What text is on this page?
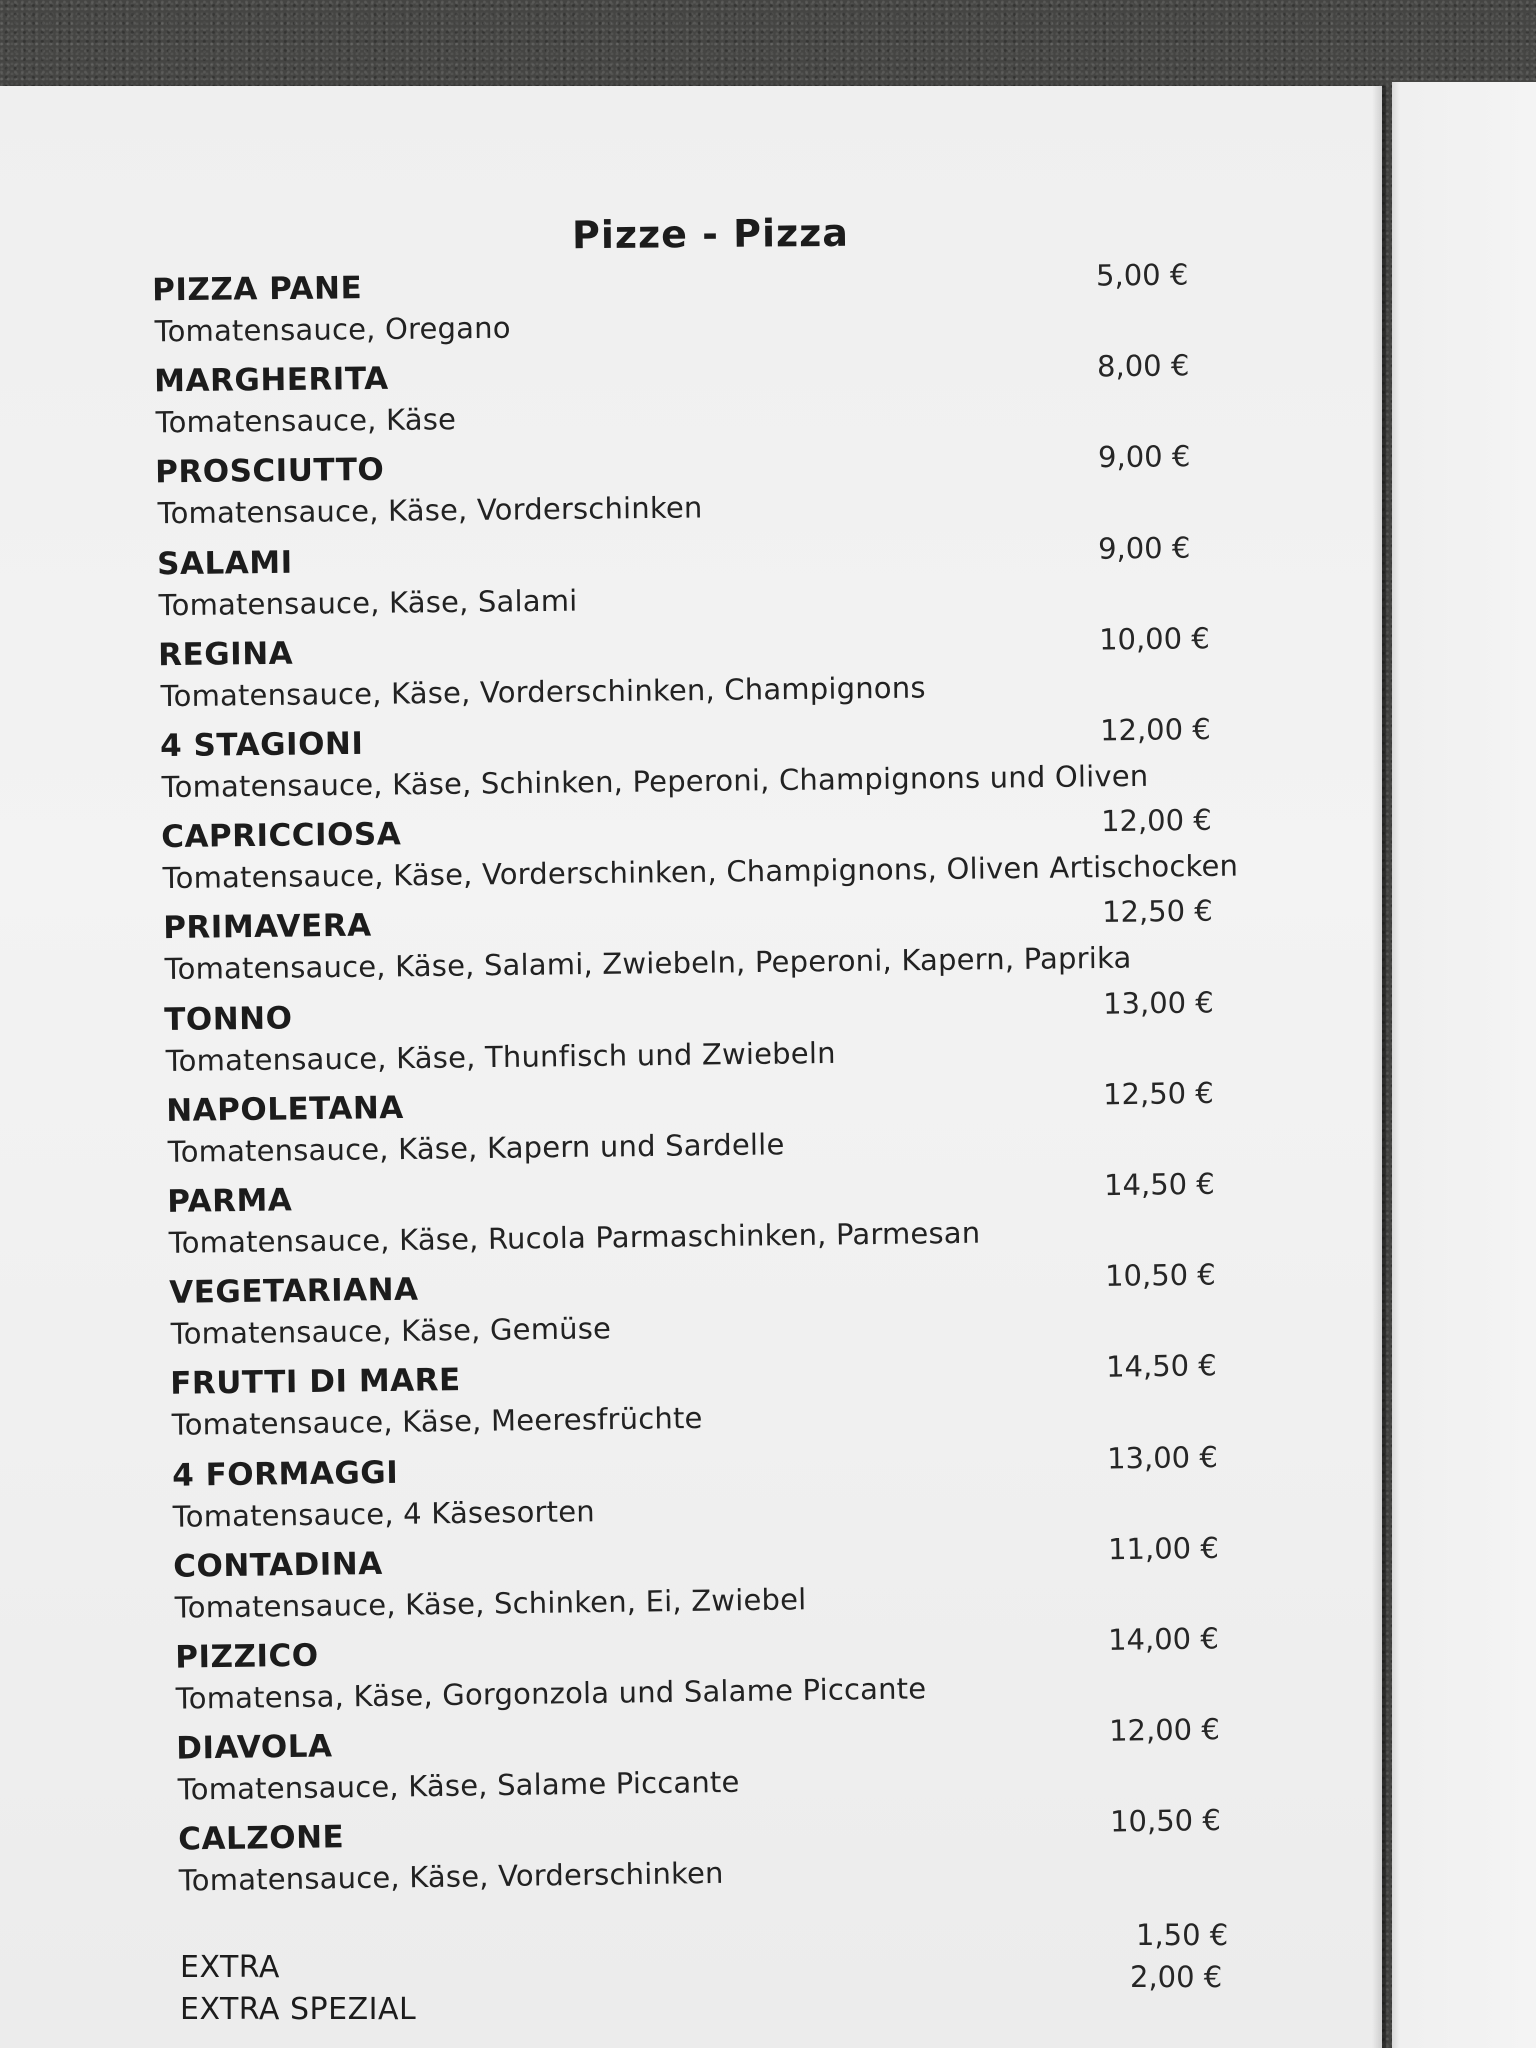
Pizze - Pizza
PIZZA PANE
Tomatensauce, Oregano
5,00 €
MARGHERITA
Tomatensauce, Käse
8,00 €
PROSCIUTTO
Tomatensauce, Käse, Vorderschinken
9,00 €
SALAMI
Tomatensauce, Käse, Salami
9,00 €
REGINA
Tomatensauce, Käse, Vorderschinken, Champignons
10,00 €
4 STAGIONI
Tomatensauce, Käse, Schinken, Peperoni, Champignons und Oliven
12,00 €
CAPRICCIOSA
Tomatensauce, Käse, Vorderschinken, Champignons, Oliven Artischocken
12,00 €
PRIMAVERA
Tomatensauce, Käse, Salami, Zwiebeln, Peperoni, Kapern, Paprika
12,50 €
TONNO
Tomatensauce, Käse, Thunfisch und Zwiebeln
13,00 €
NAPOLETANA
Tomatensauce, Käse, Kapern und Sardelle
12,50 €
PARMA
Tomatensauce, Käse, Rucola Parmaschinken, Parmesan
14,50 €
VEGETARIANA
Tomatensauce, Käse, Gemüse
10,50 €
FRUTTI DI MARE
Tomatensauce, Käse, Meeresfrüchte
14,50 €
4 FORMAGGI
Tomatensauce, 4 Käsesorten
13,00 €
CONTADINA
Tomatensauce, Käse, Schinken, Ei, Zwiebel
11,00 €
PIZZICO
Tomatensa, Käse, Gorgonzola und Salame Piccante
14,00 €
DIAVOLA
Tomatensauce, Käse, Salame Piccante
12,00 €
CALZONE
Tomatensauce, Käse, Vorderschinken
10,50 €
EXTRA
1,50 €
EXTRA SPEZIAL
2,00 €
